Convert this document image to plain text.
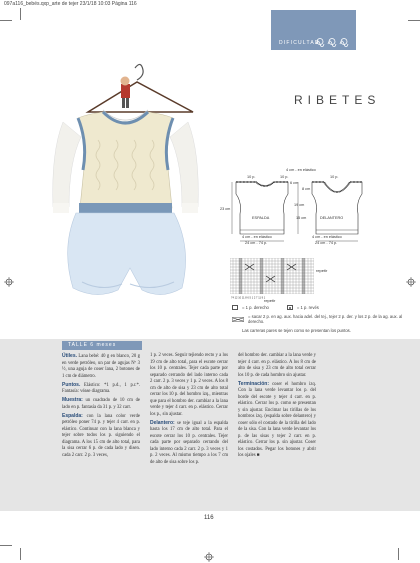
097a116_bebés.qxp_arte de tejer 23/1/18 10:03 Página 116
DIFICULTAD
RIBETES
4 cm - en elástico
10 p.	10 p.	10 p.
6 cm
8 cm
19 cm
23 cm
15 cm
ESPALDA	DELANTERO
4 cm - en elástico	4 cm - en elástico
24 cm - 74 p.	24 cm - 74 p.
74 12 10 11 8 6 5 1 2 7 11 9 1
repetir
repetir
= 1 p. derecho	= 1 p. revés
= sacar 2 p. en ag. aux. hacia adel. del tej., tejer 2 p. der. y los 2 p. de la ag. aux. al derecho.
Las carreras pares se tejen como se presentan los puntos.
TALLE 6 meses

Útiles. Lana bebé: 40 g en blanco, 20 g en verde petróleo, un par de agujas Nº 3 ½, una aguja de coser lana, 2 botones de 1 cm de diámetro.

Puntos. Elástico: *1 p.d., 1 p.r.*. Fantasía: véase diagrama.

Muestra: un cuadrado de 10 cm de lado en p. fantasía da 31 p. y 32 carr.

Espalda: con la lana color verde petróleo poner 74 p. y tejer 4 carr. en p. elástico. Continuar con la lana blanca y tejer sobre todos los p. siguiendo el diagrama. A los 15 cm de alto total, para la sisa cerrar 6 p. de cada lado y disen. cada 2 carr. 2 p. 3 veces,

1 p. 2 veces. Seguir tejiendo recto y a los 19 cm de alto total, para el escote cerrar los 10 p. centrales. Tejer cada parte por separado cerrando del lado interno cada 2 carr. 2 p. 3 veces y 1 p. 2 veces. A los 8 cm de alto de sisa y 23 cm de alto total cerrar los 10 p. del hombro izq., mientras que para el hombro der. cambiar a la lana verde y tejer 4 carr. en p. elástico. Cerrar los p., sin ajustar.

Delantero: se teje igual a la espalda hasta los 17 cm de alto total. Para el escote cerrar los 10 p. centrales. Tejer cada parte por separado cerrando del lado interno cada 2 carr. 2 p. 3 veces y 1 p. 2 veces. Al mismo tiempo a los 7 cm de alto de sisa sobre los p.

del hombro der. cambiar a la lana verde y tejer 4 carr. en p. elástico. A los 8 cm de alto de sisa y 23 cm de alto total cerrar los 10 p. de cada hombro sin ajustar.

Terminación: coser el hombro izq. Con la lana verde levantar los p. del borde del escote y tejer 4 carr. en p. elástico. Cerrar los p. como se presentan y sin ajustar. Encimar las tirillas de los hombros izq. (espalda sobre delantero) y coser sólo el costado de la tirilla del lado de la sisa. Con la lana verde levantar los p. de las sisas y tejer 2 carr. en p. elástico. Cerrar los p. sin ajustar. Coser los costados. Pegar los botones y abrir los ojales ■

116
